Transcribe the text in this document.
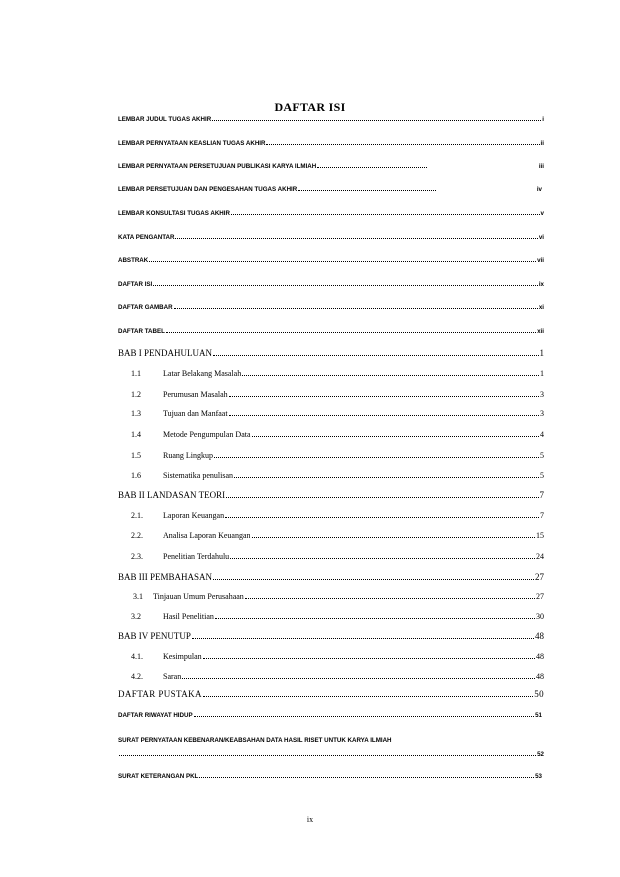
DAFTAR ISI
LEMBAR JUDUL TUGAS AKHIR	i
LEMBAR PERNYATAAN KEASLIAN TUGAS AKHIR	ii
LEMBAR PERNYATAAN PERSETUJUAN PUBLIKASI KARYA ILMIAH	iii
LEMBAR PERSETUJUAN DAN PENGESAHAN TUGAS AKHIR	iv
LEMBAR KONSULTASI TUGAS AKHIR	v
KATA PENGANTAR	vi
ABSTRAK	vii
DAFTAR ISI	ix
DAFTAR GAMBAR	xi
DAFTAR TABEL	xii
BAB I PENDAHULUAN	1
1.1	Latar Belakang Masalah	1
1.2	Perumusan Masalah	3
1.3	Tujuan dan Manfaat	3
1.4	Metode Pengumpulan Data	4
1.5	Ruang Lingkup	5
1.6	Sistematika penulisan	5
BAB II LANDASAN TEORI	7
2.1.	Laporan Keuangan	7
2.2.	Analisa Laporan Keuangan	15
2.3.	Penelitian Terdahulu	24
BAB III PEMBAHASAN	27
3.1 Tinjauan Umum Perusahaan	27
3.2	Hasil Penelitian	30
BAB IV PENUTUP	48
4.1.	Kesimpulan	48
4.2.	Saran	48
DAFTAR PUSTAKA	50
DAFTAR RIWAYAT HIDUP	51
SURAT PERNYATAAN KEBENARAN/KEABSAHAN DATA HASIL RISET UNTUK KARYA ILMIAH
52
SURAT KETERANGAN PKL	53
ix
